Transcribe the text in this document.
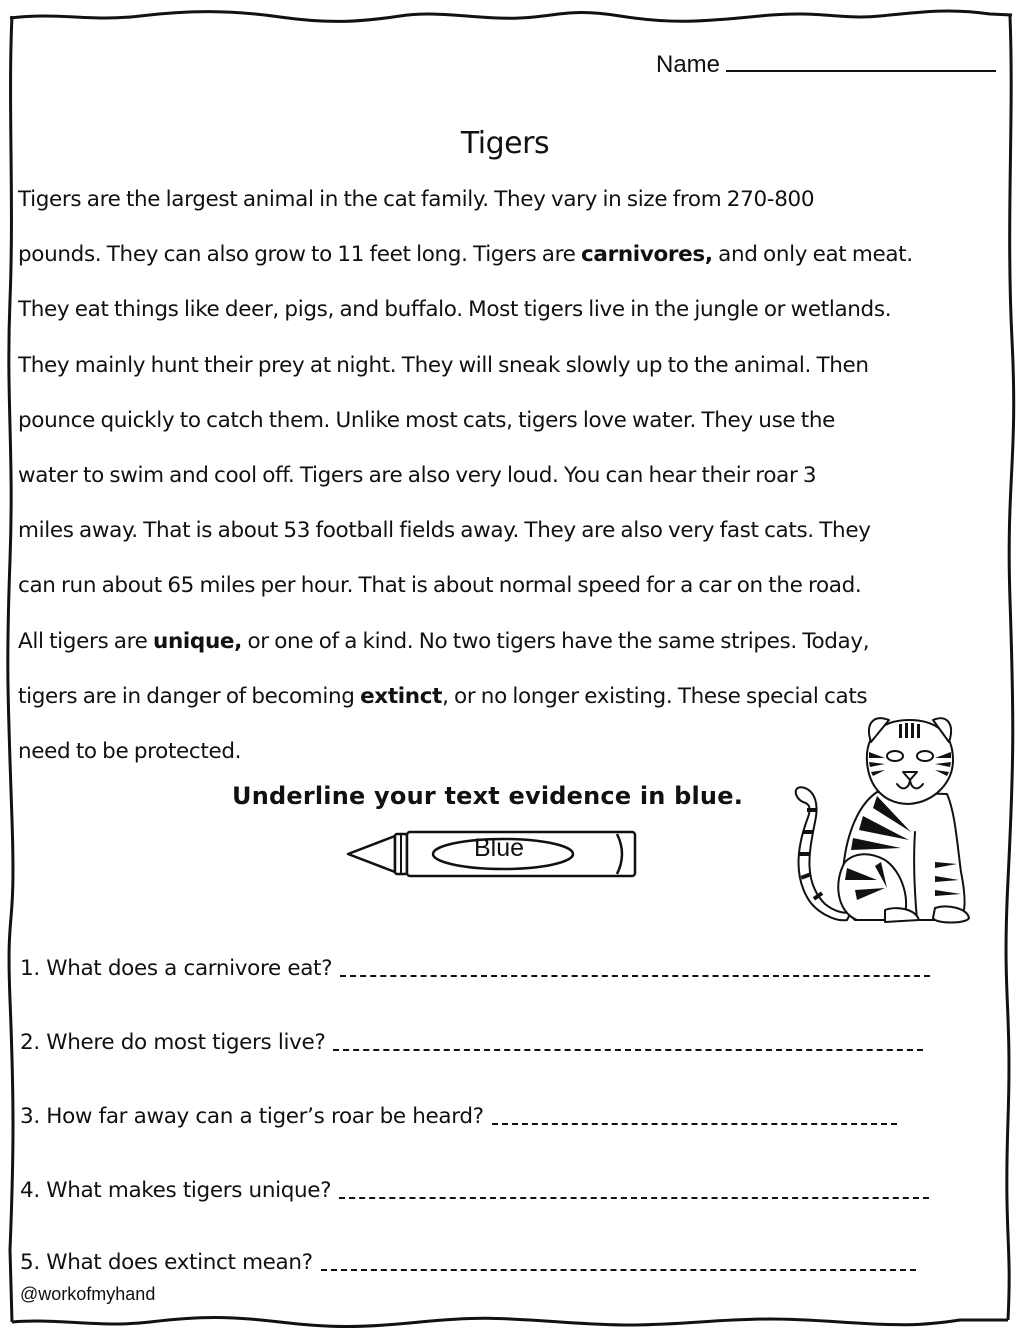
Name
Tigers
Tigers are the largest animal in the cat family. They vary in size from 270-800
pounds. They can also grow to 11 feet long. Tigers are carnivores, and only eat meat.
They eat things like deer, pigs, and buffalo. Most tigers live in the jungle or wetlands.
They mainly hunt their prey at night. They will sneak slowly up to the animal. Then
pounce quickly to catch them. Unlike most cats, tigers love water. They use the
water to swim and cool off. Tigers are also very loud. You can hear their roar 3
miles away. That is about 53 football fields away. They are also very fast cats. They
can run about 65 miles per hour. That is about normal speed for a car on the road.
All tigers are unique, or one of a kind. No two tigers have the same stripes. Today,
tigers are in danger of becoming extinct, or no longer existing. These special cats
need to be protected.
Underline your text evidence in blue.
Blue
1. What does a carnivore eat?
2. Where do most tigers live?
3. How far away can a tiger’s roar be heard?
4. What makes tigers unique?
5. What does extinct mean?
@workofmyhand
